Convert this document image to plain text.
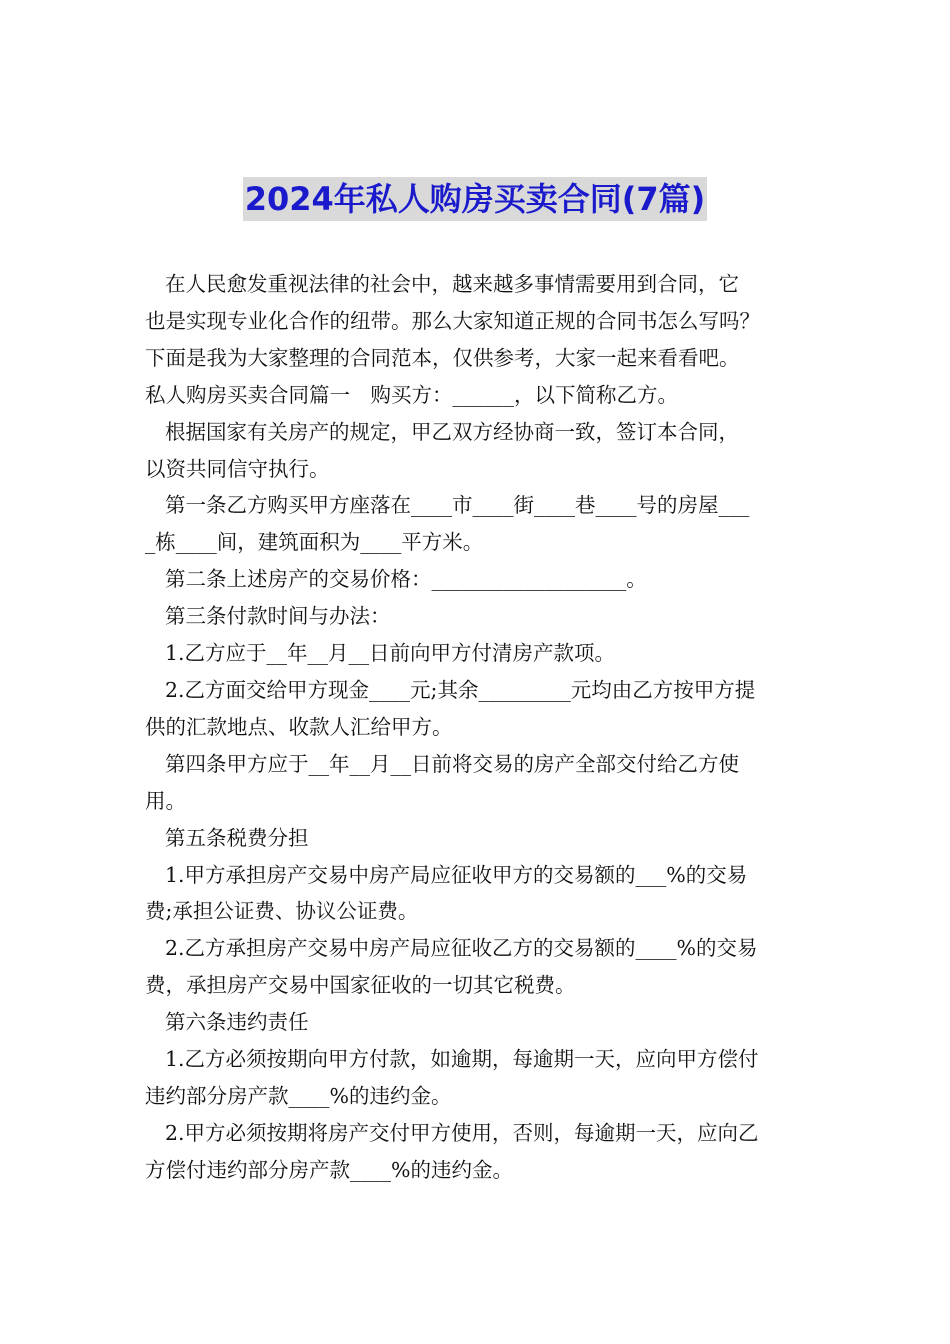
2024年私人购房买卖合同(7篇)

在人民愈发重视法律的社会中，越来越多事情需要用到合同，它

也是实现专业化合作的纽带。那么大家知道正规的合同书怎么写吗？

下面是我为大家整理的合同范本，仅供参考，大家一起来看看吧。

私人购房买卖合同篇一　购买方：______，以下简称乙方。

根据国家有关房产的规定，甲乙双方经协商一致，签订本合同，

以资共同信守执行。

第一条乙方购买甲方座落在____市____街____巷____号的房屋___

_栋____间，建筑面积为____平方米。

第二条上述房产的交易价格：___________________。

第三条付款时间与办法：

1.乙方应于__年__月__日前向甲方付清房产款项。

2.乙方面交给甲方现金____元;其余_________元均由乙方按甲方提

供的汇款地点、收款人汇给甲方。

第四条甲方应于__年__月__日前将交易的房产全部交付给乙方使

用。

第五条税费分担

1.甲方承担房产交易中房产局应征收甲方的交易额的___%的交易

费;承担公证费、协议公证费。

2.乙方承担房产交易中房产局应征收乙方的交易额的____%的交易

费，承担房产交易中国家征收的一切其它税费。

第六条违约责任

1.乙方必须按期向甲方付款，如逾期，每逾期一天，应向甲方偿付

违约部分房产款____%的违约金。

2.甲方必须按期将房产交付甲方使用，否则，每逾期一天，应向乙

方偿付违约部分房产款____%的违约金。
